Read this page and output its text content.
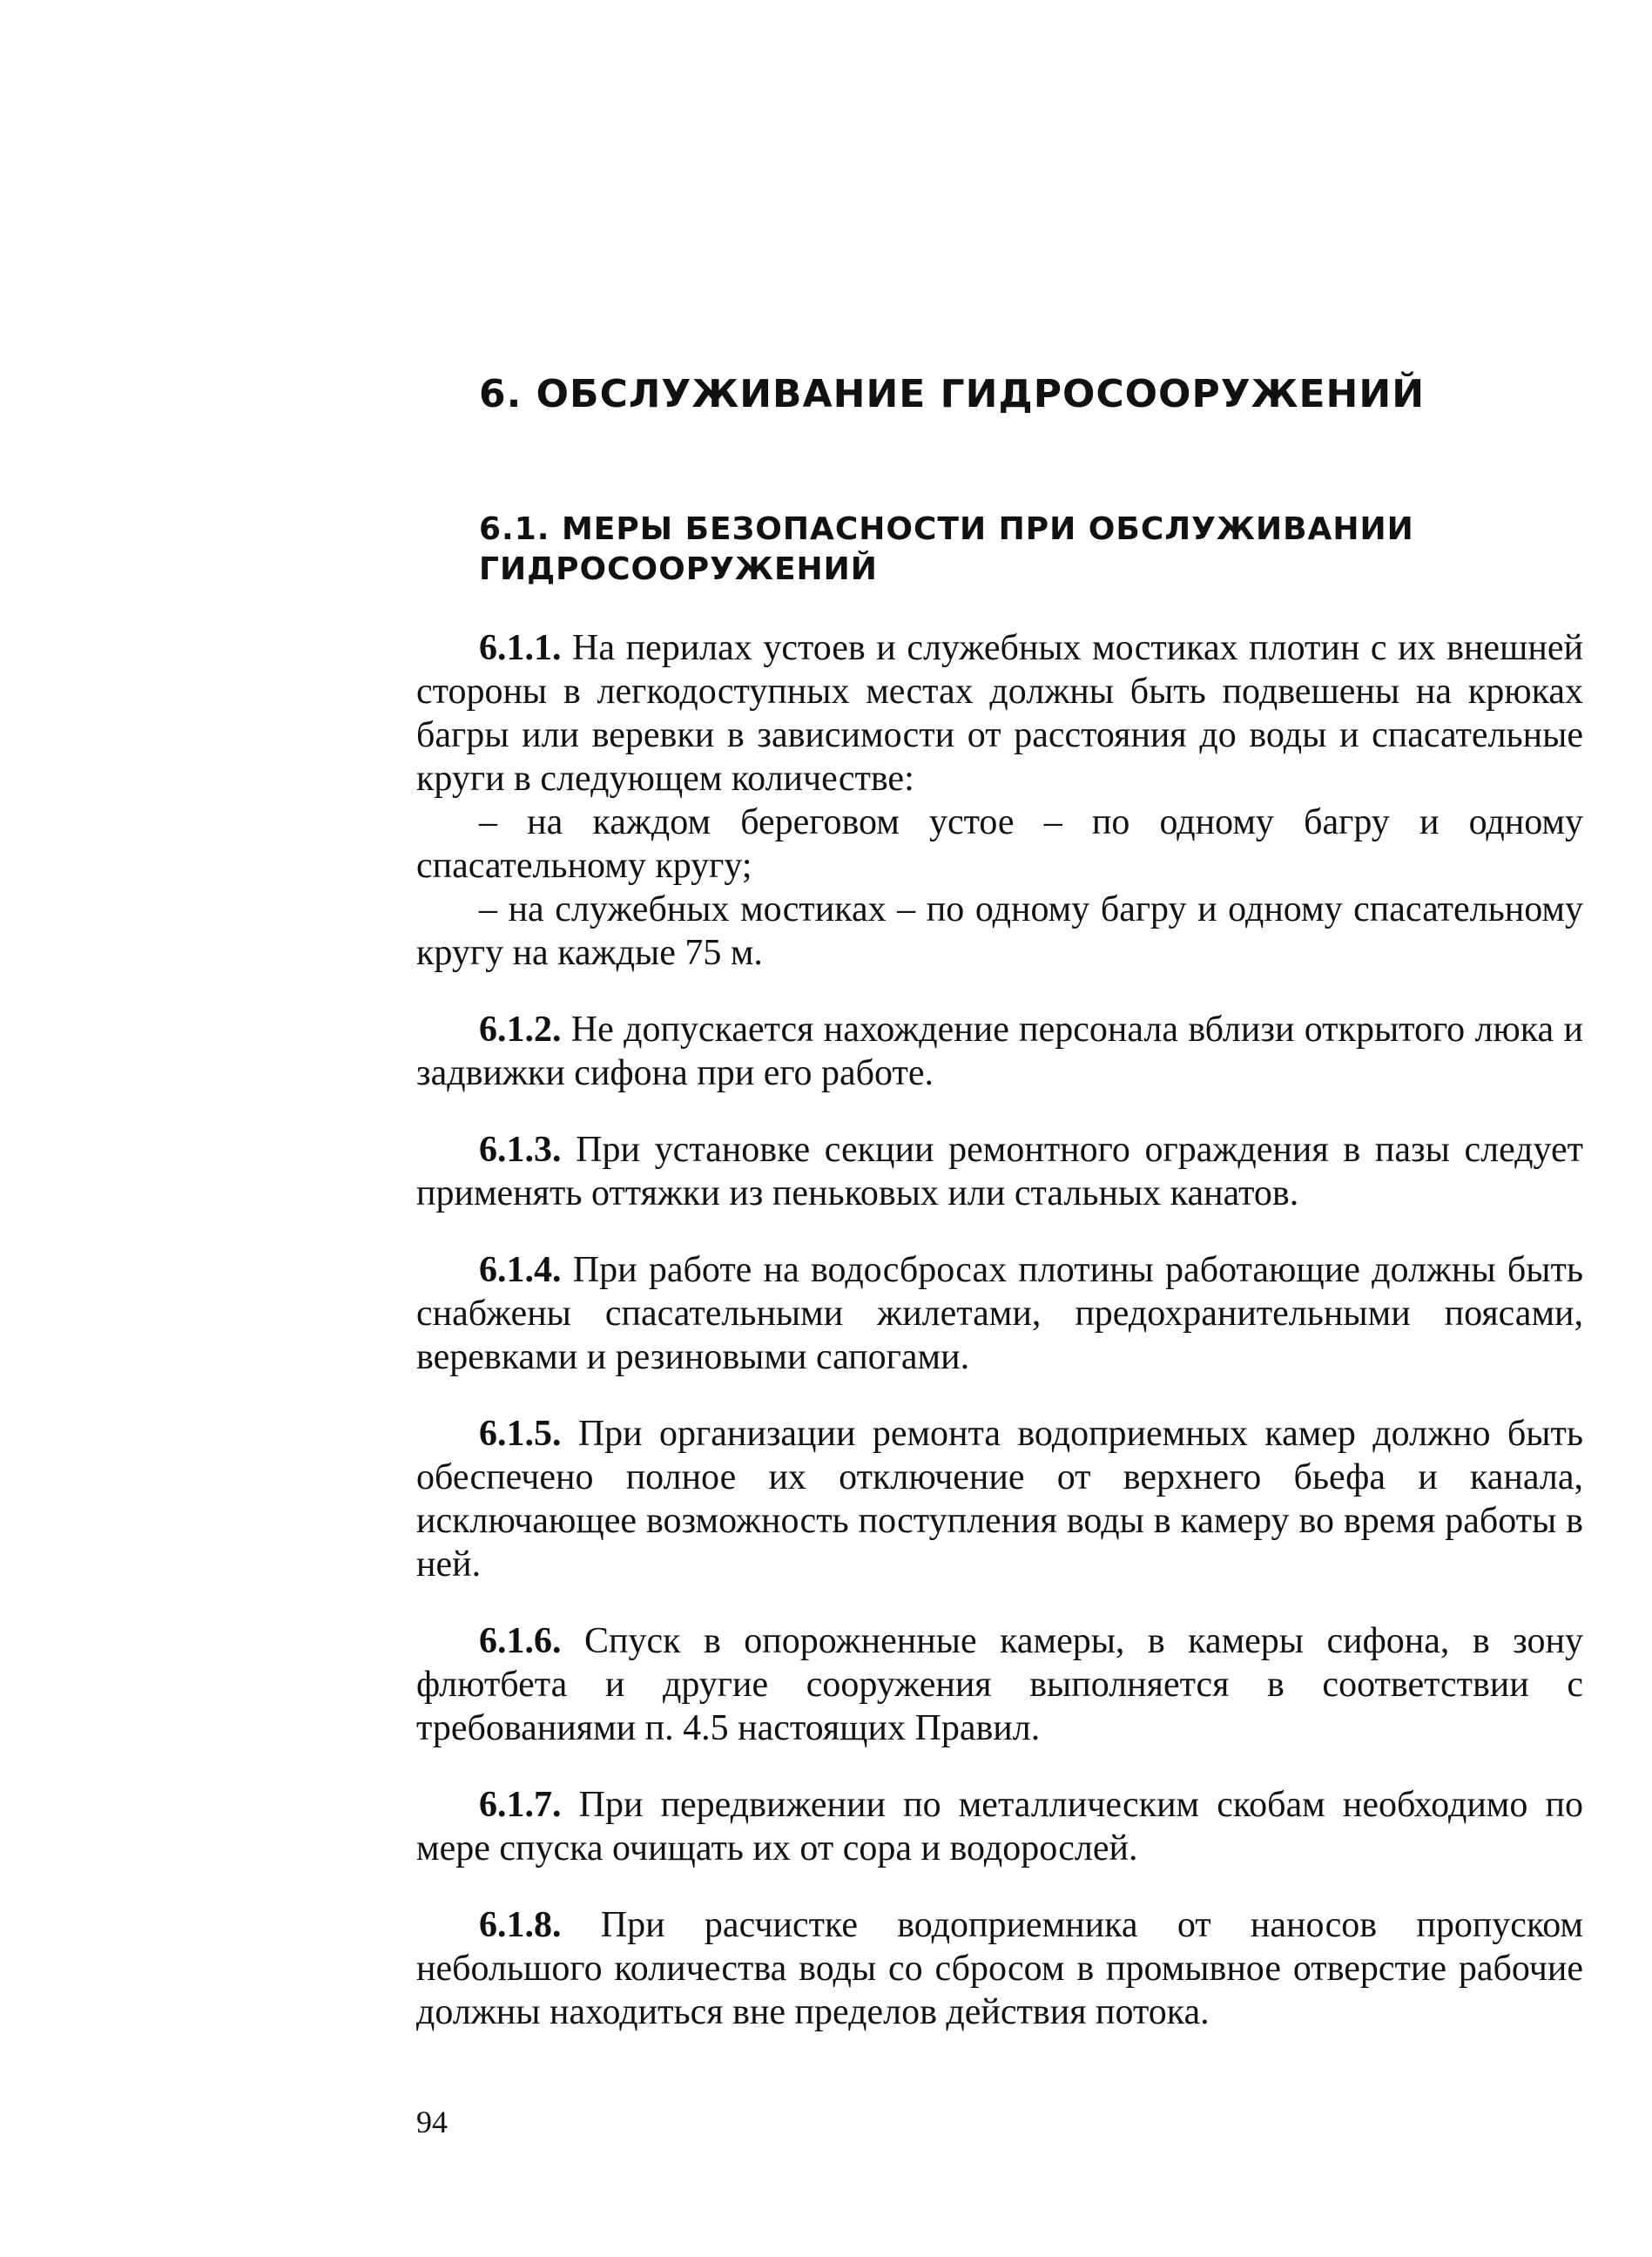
6. ОБСЛУЖИВАНИЕ ГИДРОСООРУЖЕНИЙ
6.1. МЕРЫ БЕЗОПАСНОСТИ ПРИ ОБСЛУЖИВАНИИ ГИДРОСООРУЖЕНИЙ

6.1.1. На перилах устоев и служебных мостиках плотин с их внешней стороны в легкодоступных местах должны быть подвешены на крюках багры или веревки в зависимости от расстояния до воды и спасательные круги в следующем количестве:

– на каждом береговом устое – по одному багру и одному спасательному кругу;

– на служебных мостиках – по одному багру и одному спасательному кругу на каждые 75 м.

6.1.2. Не допускается нахождение персонала вблизи открытого люка и задвижки сифона при его работе.

6.1.3. При установке секции ремонтного ограждения в пазы следует применять оттяжки из пеньковых или стальных канатов.

6.1.4. При работе на водосбросах плотины работающие должны быть снабжены спасательными жилетами, предохранительными поясами, веревками и резиновыми сапогами.

6.1.5. При организации ремонта водоприемных камер должно быть обеспечено полное их отключение от верхнего бьефа и канала, исключающее возможность поступления воды в камеру во время работы в ней.

6.1.6. Спуск в опорожненные камеры, в камеры сифона, в зону флютбета и другие сооружения выполняется в соответствии с требованиями п. 4.5 настоящих Правил.

6.1.7. При передвижении по металлическим скобам необходимо по мере спуска очищать их от сора и водорослей.

6.1.8. При расчистке водоприемника от наносов пропуском небольшого количества воды со сбросом в промывное отверстие рабочие должны находиться вне пределов действия потока.

94
